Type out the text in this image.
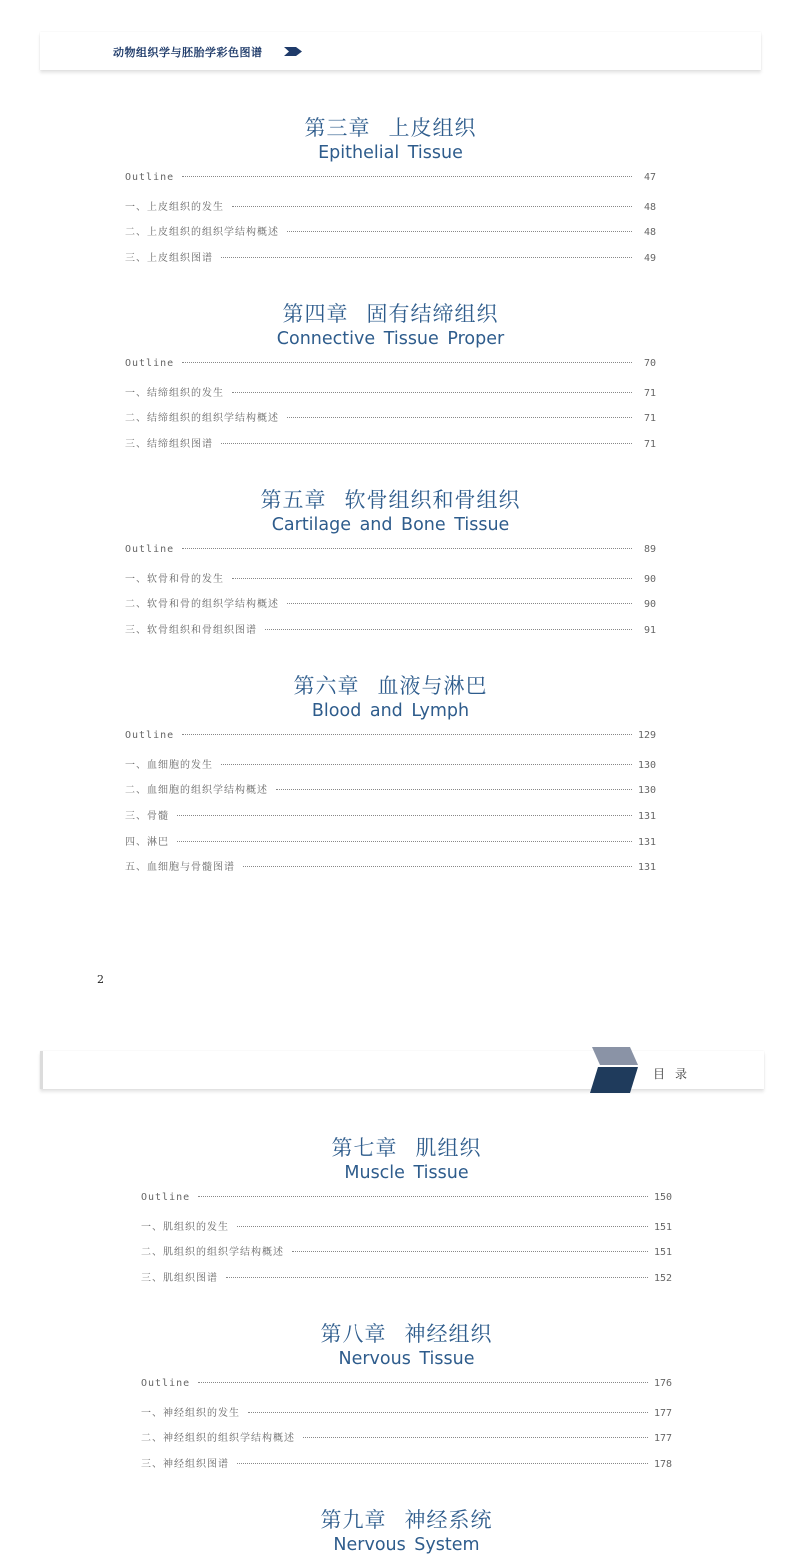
动物组织学与胚胎学彩色图谱
第三章 上皮组织
Epithelial Tissue
Outline	47
一、上皮组织的发生	48
二、上皮组织的组织学结构概述	48
三、上皮组织图谱	49
第四章 固有结缔组织
Connective Tissue Proper
Outline	70
一、结缔组织的发生	71
二、结缔组织的组织学结构概述	71
三、结缔组织图谱	71
第五章 软骨组织和骨组织
Cartilage and Bone Tissue
Outline	89
一、软骨和骨的发生	90
二、软骨和骨的组织学结构概述	90
三、软骨组织和骨组织图谱	91
第六章 血液与淋巴
Blood and Lymph
Outline	129
一、血细胞的发生	130
二、血细胞的组织学结构概述	130
三、骨髓	131
四、淋巴	131
五、血细胞与骨髓图谱	131
2
目录
第七章 肌组织
Muscle Tissue
Outline	150
一、肌组织的发生	151
二、肌组织的组织学结构概述	151
三、肌组织图谱	152
第八章 神经组织
Nervous Tissue
Outline	176
一、神经组织的发生	177
二、神经组织的组织学结构概述	177
三、神经组织图谱	178
第九章 神经系统
Nervous System
